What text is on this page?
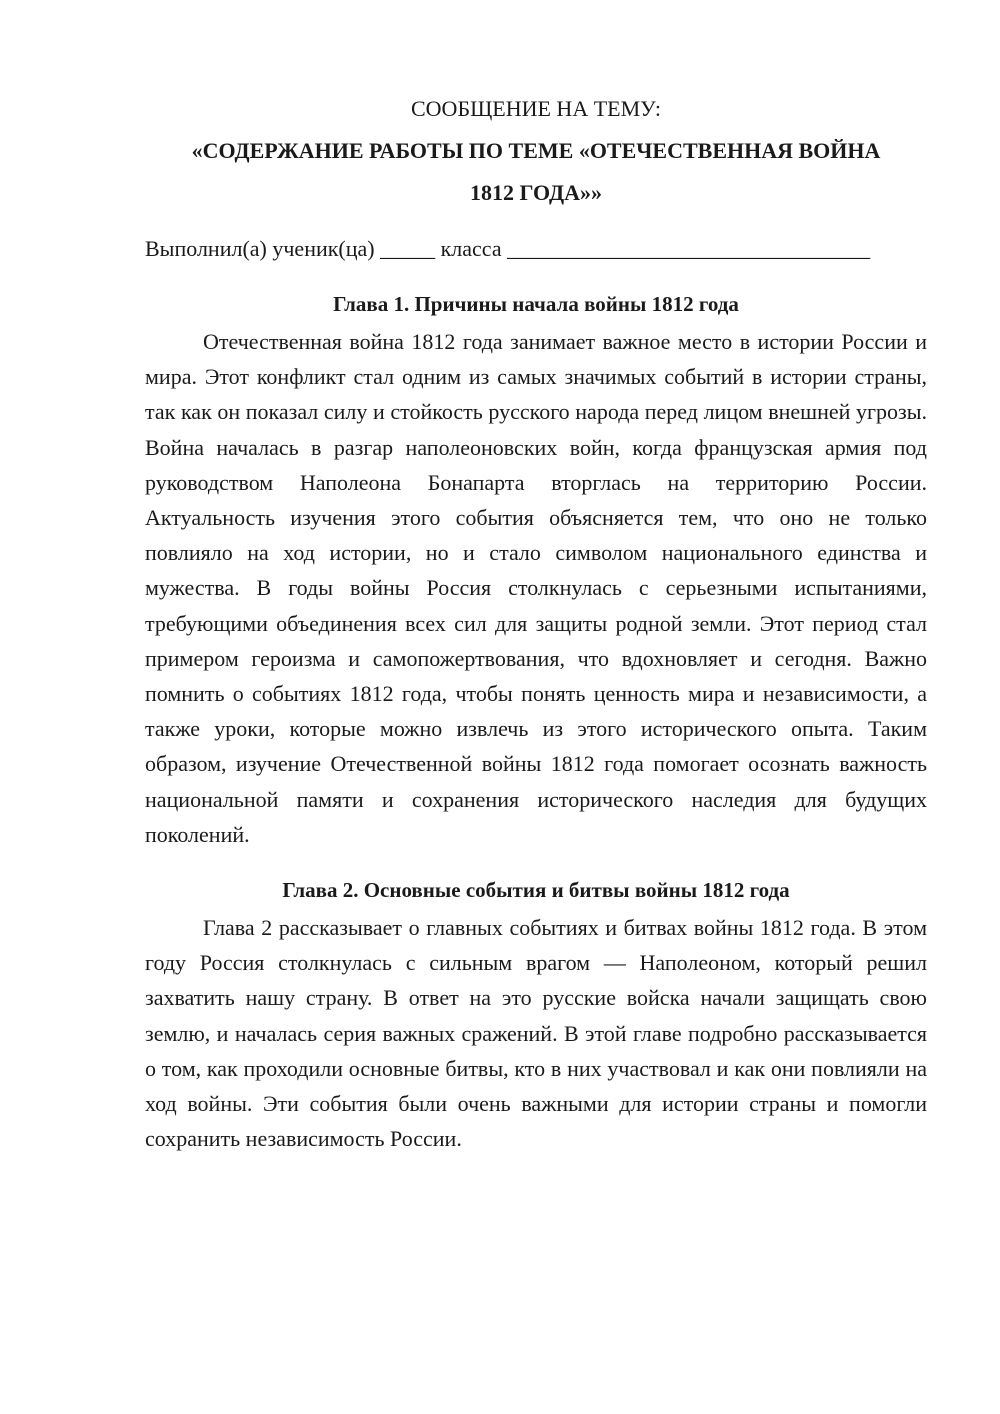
СООБЩЕНИЕ НА ТЕМУ:

«СОДЕРЖАНИЕ РАБОТЫ ПО ТЕМЕ «ОТЕЧЕСТВЕННАЯ ВОЙНА

1812 ГОДА»»

Выполнил(а) ученик(ца) _____ класса _________________________________
Глава 1. Причины начала войны 1812 года

Отечественная война 1812 года занимает важное место в истории России и мира. Этот конфликт стал одним из самых значимых событий в истории страны, так как он показал силу и стойкость русского народа перед лицом внешней угрозы. Война началась в разгар наполеоновских войн, когда французская армия под руководством Наполеона Бонапарта вторглась на территорию России. Актуальность изучения этого события объясняется тем, что оно не только повлияло на ход истории, но и стало символом национального единства и мужества. В годы войны Россия столкнулась с серьезными испытаниями, требующими объединения всех сил для защиты родной земли. Этот период стал примером героизма и самопожертвования, что вдохновляет и сегодня. Важно помнить о событиях 1812 года, чтобы понять ценность мира и независимости, а также уроки, которые можно извлечь из этого исторического опыта. Таким образом, изучение Отечественной войны 1812 года помогает осознать важность национальной памяти и сохранения исторического наследия для будущих поколений.

Глава 2. Основные события и битвы войны 1812 года

Глава 2 рассказывает о главных событиях и битвах войны 1812 года. В этом году Россия столкнулась с сильным врагом — Наполеоном, который решил захватить нашу страну. В ответ на это русские войска начали защищать свою землю, и началась серия важных сражений. В этой главе подробно рассказывается о том, как проходили основные битвы, кто в них участвовал и как они повлияли на ход войны. Эти события были очень важными для истории страны и помогли сохранить независимость России.
